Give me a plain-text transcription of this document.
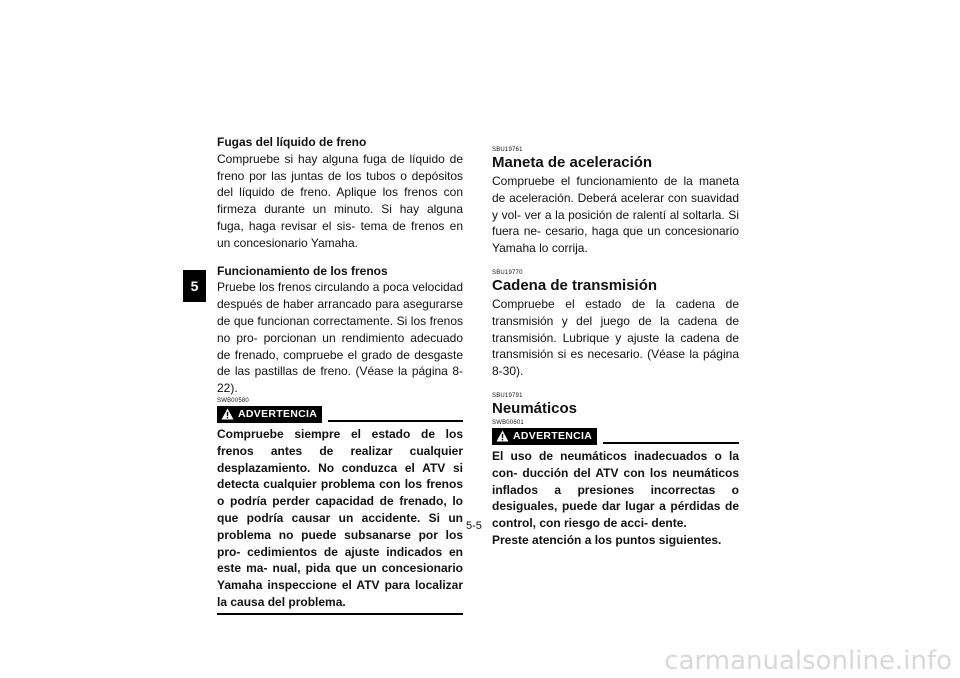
5
Fugas del líquido de freno

Compruebe si hay alguna fuga de líquido de freno por las juntas de los tubos o depósitos del líquido de freno. Aplique los frenos con firmeza durante un minuto. Si hay alguna fuga, haga revisar el sis- tema de frenos en un concesionario Yamaha.

Funcionamiento de los frenos

Pruebe los frenos circulando a poca velocidad después de haber arrancado para asegurarse de que funcionan correctamente. Si los frenos no pro- porcionan un rendimiento adecuado de frenado, compruebe el grado de desgaste de las pastillas de freno. (Véase la página 8-22).

SWB00580
ADVERTENCIA

Compruebe siempre el estado de los frenos antes de realizar cualquier desplazamiento. No conduzca el ATV si detecta cualquier problema con los frenos o podría perder capacidad de frenado, lo que podría causar un accidente. Si un problema no puede subsanarse por los pro- cedimientos de ajuste indicados en este ma- nual, pida que un concesionario Yamaha inspeccione el ATV para localizar la causa del problema.

SBU19761
Maneta de aceleración

Compruebe el funcionamiento de la maneta de aceleración. Deberá acelerar con suavidad y vol- ver a la posición de ralentí al soltarla. Si fuera ne- cesario, haga que un concesionario Yamaha lo corrija.

SBU19770
Cadena de transmisión

Compruebe el estado de la cadena de transmisión y del juego de la cadena de transmisión. Lubrique y ajuste la cadena de transmisión si es necesario. (Véase la página 8-30).

SBU19791
Neumáticos
SWB00601
ADVERTENCIA

El uso de neumáticos inadecuados o la con- ducción del ATV con los neumáticos inflados a presiones incorrectas o desiguales, puede dar lugar a pérdidas de control, con riesgo de acci- dente.

Preste atención a los puntos siguientes.

5-5
carmanualsonline.info
